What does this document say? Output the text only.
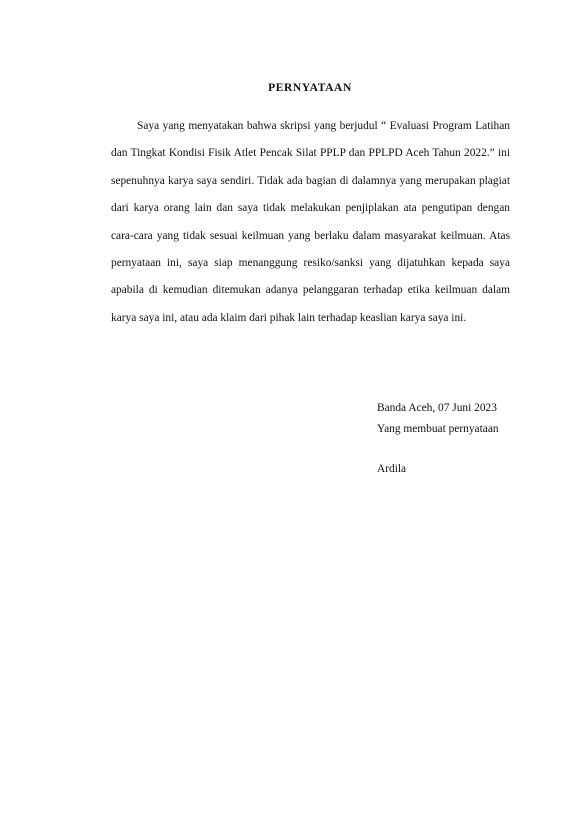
PERNYATAAN

Saya yang menyatakan bahwa skripsi yang berjudul “ Evaluasi Program Latihan dan Tingkat Kondisi Fisik Atlet Pencak Silat PPLP dan PPLPD Aceh Tahun 2022.” ini sepenuhnya karya saya sendiri. Tidak ada bagian di dalamnya yang merupakan plagiat dari karya orang lain dan saya tidak melakukan penjiplakan ata pengutipan dengan cara-cara yang tidak sesuai keilmuan yang berlaku dalam masyarakat keilmuan. Atas pernyataan ini, saya siap menanggung resiko/sanksi yang dijatuhkan kepada saya apabila di kemudian ditemukan adanya pelanggaran terhadap etika keilmuan dalam karya saya ini, atau ada klaim dari pihak lain terhadap keaslian karya saya ini.

Banda Aceh, 07 Juni 2023
Yang membuat pernyataan
Ardila
